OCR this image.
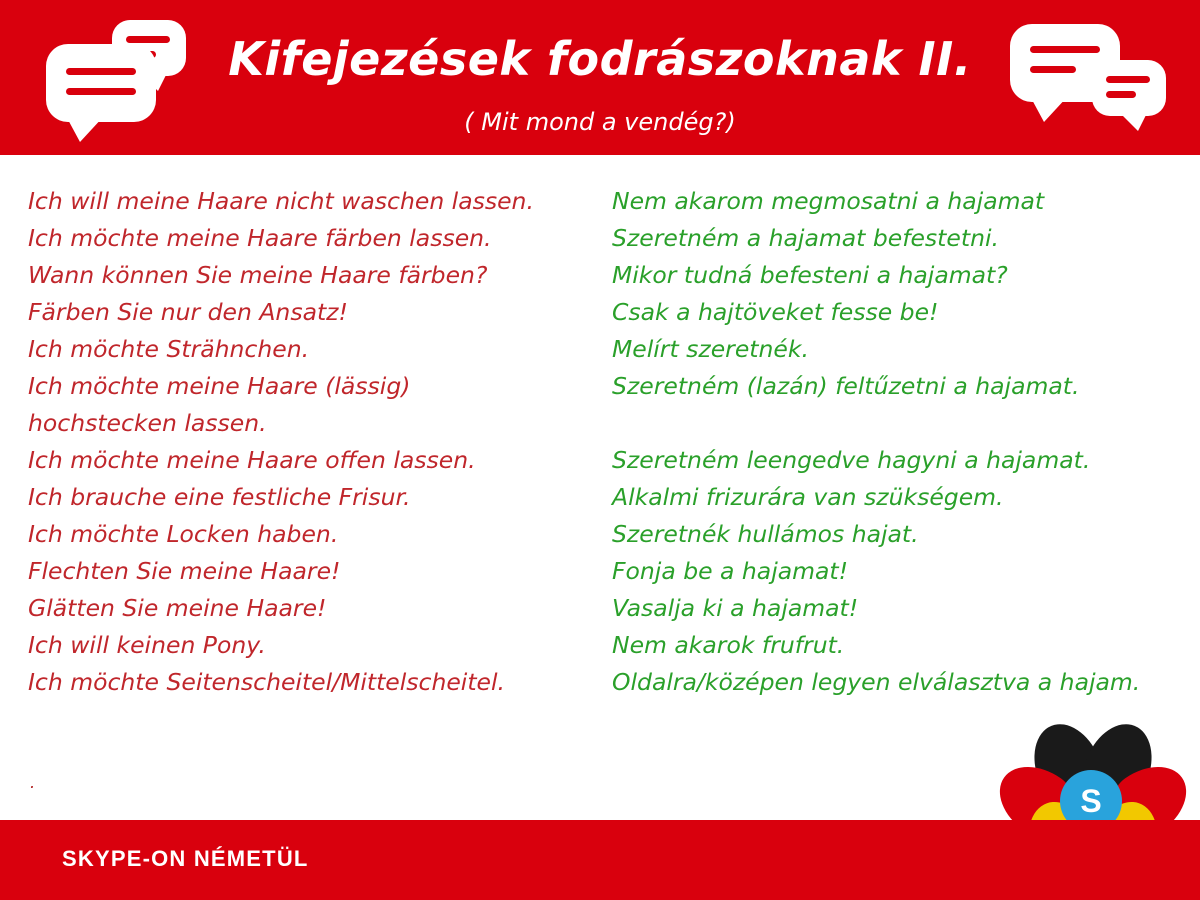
Kifejezések fodrászoknak II.
( Mit mond a vendég?)
Ich will meine Haare nicht waschen lassen.
Ich möchte meine Haare färben lassen.
Wann können Sie meine Haare färben?
Färben Sie nur den Ansatz!
Ich möchte Strähnchen.
Ich möchte meine Haare (lässig)
hochstecken lassen.
Ich möchte meine Haare offen lassen.
Ich brauche eine festliche Frisur.
Ich möchte Locken haben.
Flechten Sie meine Haare!
Glätten Sie meine Haare!
Ich will keinen Pony.
Ich möchte Seitenscheitel/Mittelscheitel.
Nem akarom megmosatni a hajamat
Szeretném a hajamat befestetni.
Mikor tudná befesteni a hajamat?
Csak a hajtöveket fesse be!
Melírt szeretnék.
Szeretném (lazán) feltűzetni a hajamat.
Szeretném leengedve hagyni a hajamat.
Alkalmi frizurára van szükségem.
Szeretnék hullámos hajat.
Fonja be a hajamat!
Vasalja ki a hajamat!
Nem akarok frufrut.
Oldalra/középen legyen elválasztva a hajam.
.
S
SKYPE-ON NÉMETÜL
